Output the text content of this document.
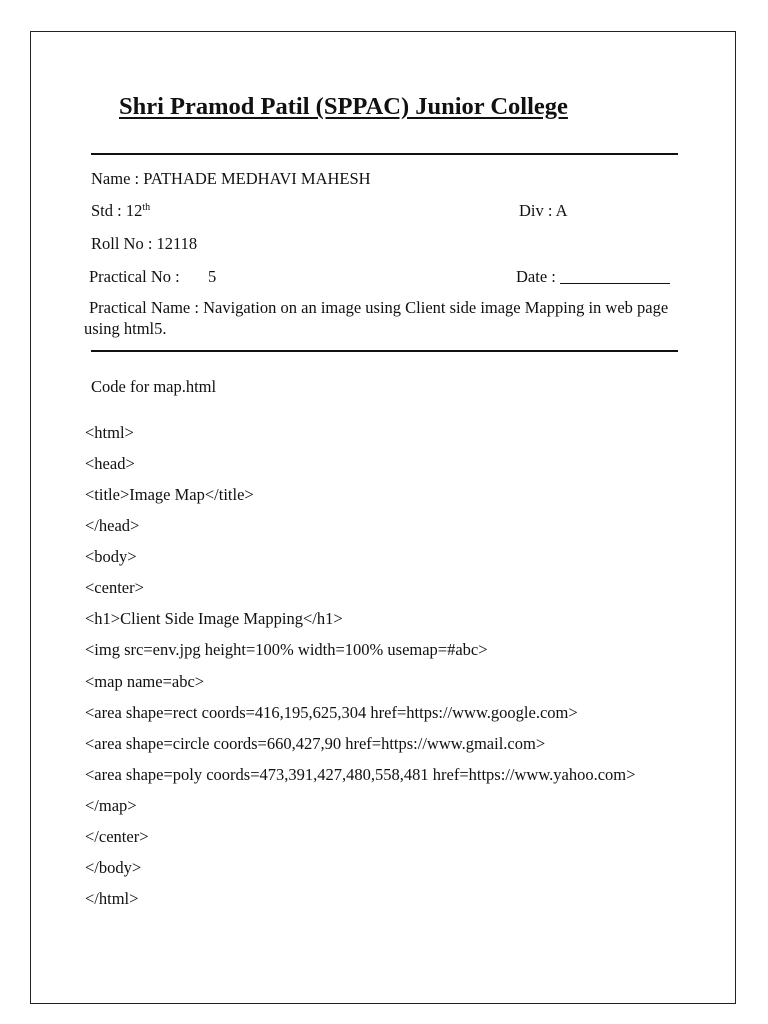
Shri Pramod Patil (SPPAC) Junior College
Name : PATHADE MEDHAVI MAHESH
Std : 12th	Div : A
Roll No : 12118
Practical No : 5	Date :
Practical Name : Navigation on an image using Client side image Mapping in web page using html5.
Code for map.html
<html>
<head>
<title>Image Map</title>
</head>
<body>
<center>
<h1>Client Side Image Mapping</h1>
<img src=env.jpg height=100% width=100% usemap=#abc>
<map name=abc>
<area shape=rect coords=416,195,625,304 href=https://www.google.com>
<area shape=circle coords=660,427,90 href=https://www.gmail.com>
<area shape=poly coords=473,391,427,480,558,481 href=https://www.yahoo.com>
</map>
</center>
</body>
</html>
